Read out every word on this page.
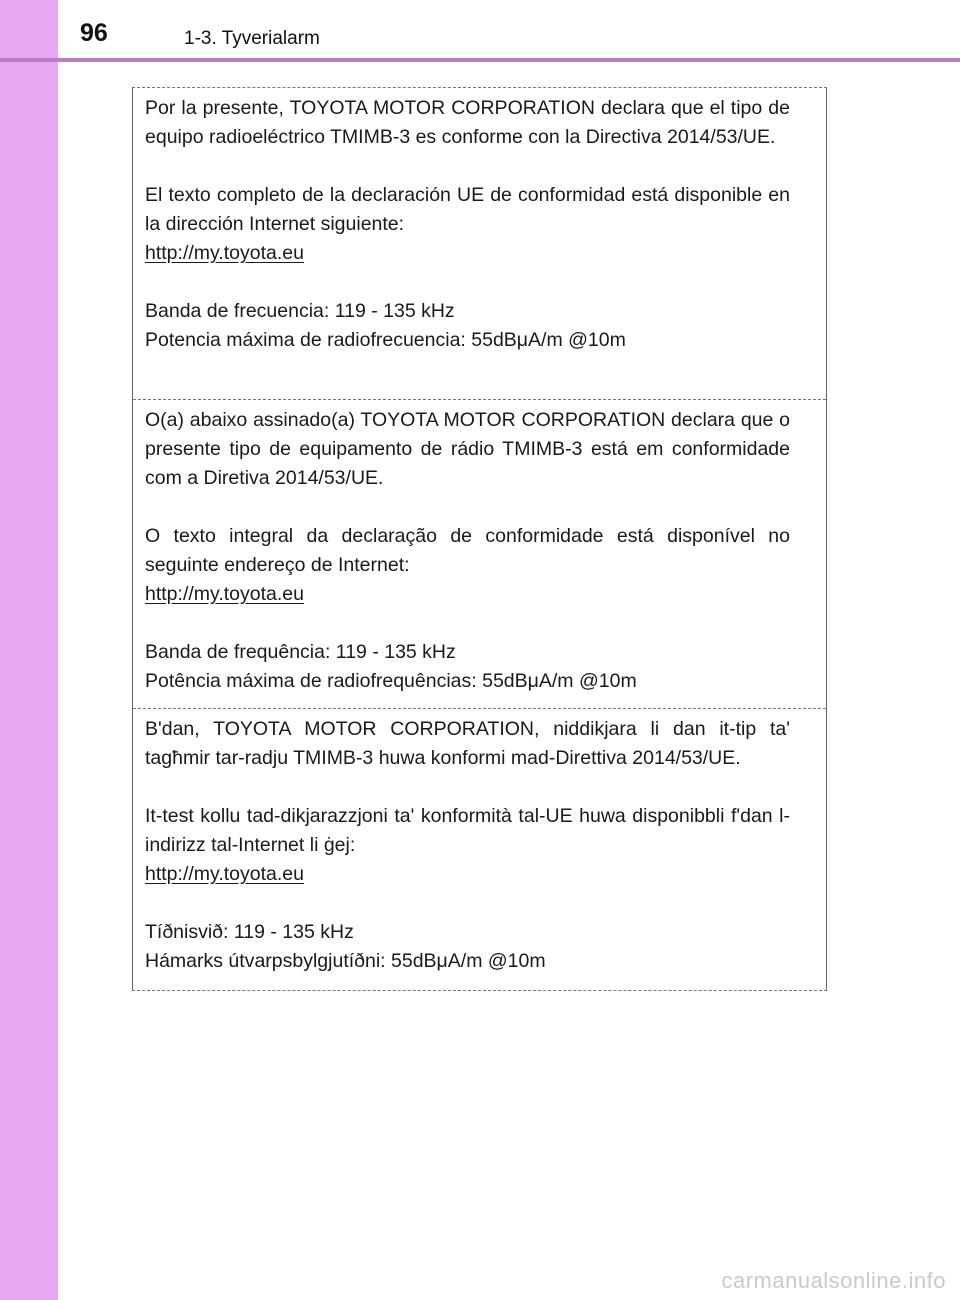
96	1-3. Tyverialarm

Por la presente, TOYOTA MOTOR CORPORATION declara que el tipo de equipo radioeléctrico TMIMB-3 es conforme con la Directiva 2014/53/UE.

El texto completo de la declaración UE de conformidad está disponible en la dirección Internet siguiente:
http://my.toyota.eu

Banda de frecuencia: 119 - 135 kHz
Potencia máxima de radiofrecuencia: 55dBμA/m @10m

O(a) abaixo assinado(a) TOYOTA MOTOR CORPORATION declara que o presente tipo de equipamento de rádio TMIMB-3 está em conformidade com a Diretiva 2014/53/UE.

O texto integral da declaração de conformidade está disponível no seguinte endereço de Internet:
http://my.toyota.eu

Banda de frequência: 119 - 135 kHz
Potência máxima de radiofrequências: 55dBμA/m @10m

B'dan, TOYOTA MOTOR CORPORATION, niddikjara li dan it-tip ta' tagħmir tar-radju TMIMB-3 huwa konformi mad-Direttiva 2014/53/UE.

It-test kollu tad-dikjarazzjoni ta' konformità tal-UE huwa disponibbli f'dan l-indirizz tal-Internet li ġej:
http://my.toyota.eu

Tíðnisvið: 119 - 135 kHz
Hámarks útvarpsbylgjutíðni: 55dBμA/m @10m

carmanualsonline.info
